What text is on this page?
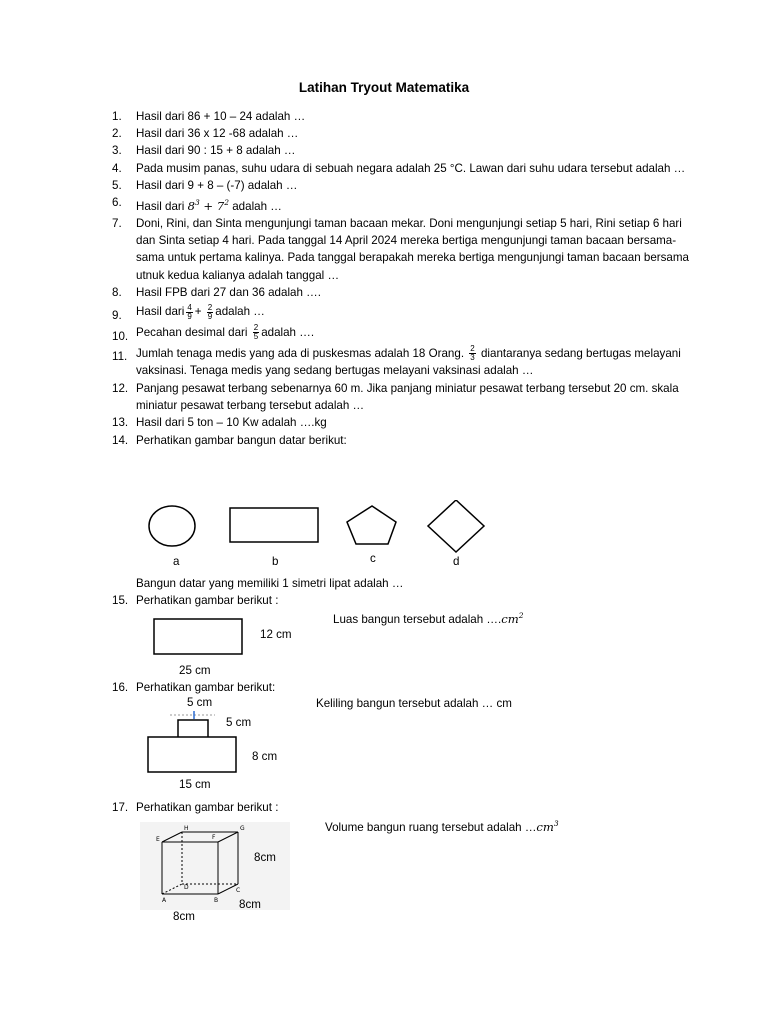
Latihan Tryout Matematika
1. Hasil dari 86 + 10 – 24 adalah …
2. Hasil dari 36 x 12 -68 adalah …
3. Hasil dari 90 : 15 + 8 adalah …
4. Pada musim panas, suhu udara di sebuah negara adalah 25 °C. Lawan dari suhu udara tersebut adalah …
5. Hasil dari 9 + 8 – (-7) adalah …
6. Hasil dari $8^3 + 7^2$ adalah …
7. Doni, Rini, dan Sinta mengunjungi taman bacaan mekar. Doni mengunjungi setiap 5 hari, Rini setiap 6 hari dan Sinta setiap 4 hari. Pada tanggal 14 April 2024 mereka bertiga mengunjungi taman bacaan bersama-sama untuk pertama kalinya. Pada tanggal berapakah mereka bertiga mengunjungi taman bacaan bersama utnuk kedua kalianya adalah tanggal …
8. Hasil FPB dari 27 dan 36 adalah ….
9. Hasil dari $\frac{4}{9} + \frac{2}{9}$ adalah …
10. Pecahan desimal dari $\frac{2}{5}$ adalah ….
11. Jumlah tenaga medis yang ada di puskesmas adalah 18 Orang. $\frac{2}{3}$ diantaranya sedang bertugas melayani vaksinasi. Tenaga medis yang sedang bertugas melayani vaksinasi adalah …
12. Panjang pesawat terbang sebenarnya 60 m. Jika panjang miniatur pesawat terbang tersebut 20 cm. skala miniatur pesawat terbang tersebut adalah …
13. Hasil dari 5 ton – 10 Kw adalah ….kg
14. Perhatikan gambar bangun datar berikut:
a	b	c	d
Bangun datar yang memiliki 1 simetri lipat adalah …
15. Perhatikan gambar berikut :
Luas bangun tersebut adalah $\dots.cm^2$
12 cm
25 cm
16. Perhatikan gambar berikut:
5 cm	Keliling bangun tersebut adalah … cm
5 cm
8 cm
15 cm
17. Perhatikan gambar berikut :
Volume bangun ruang tersebut adalah $\dots cm^3$
H	G
E	F
D
A	B
C
8cm
8cm
8cm
